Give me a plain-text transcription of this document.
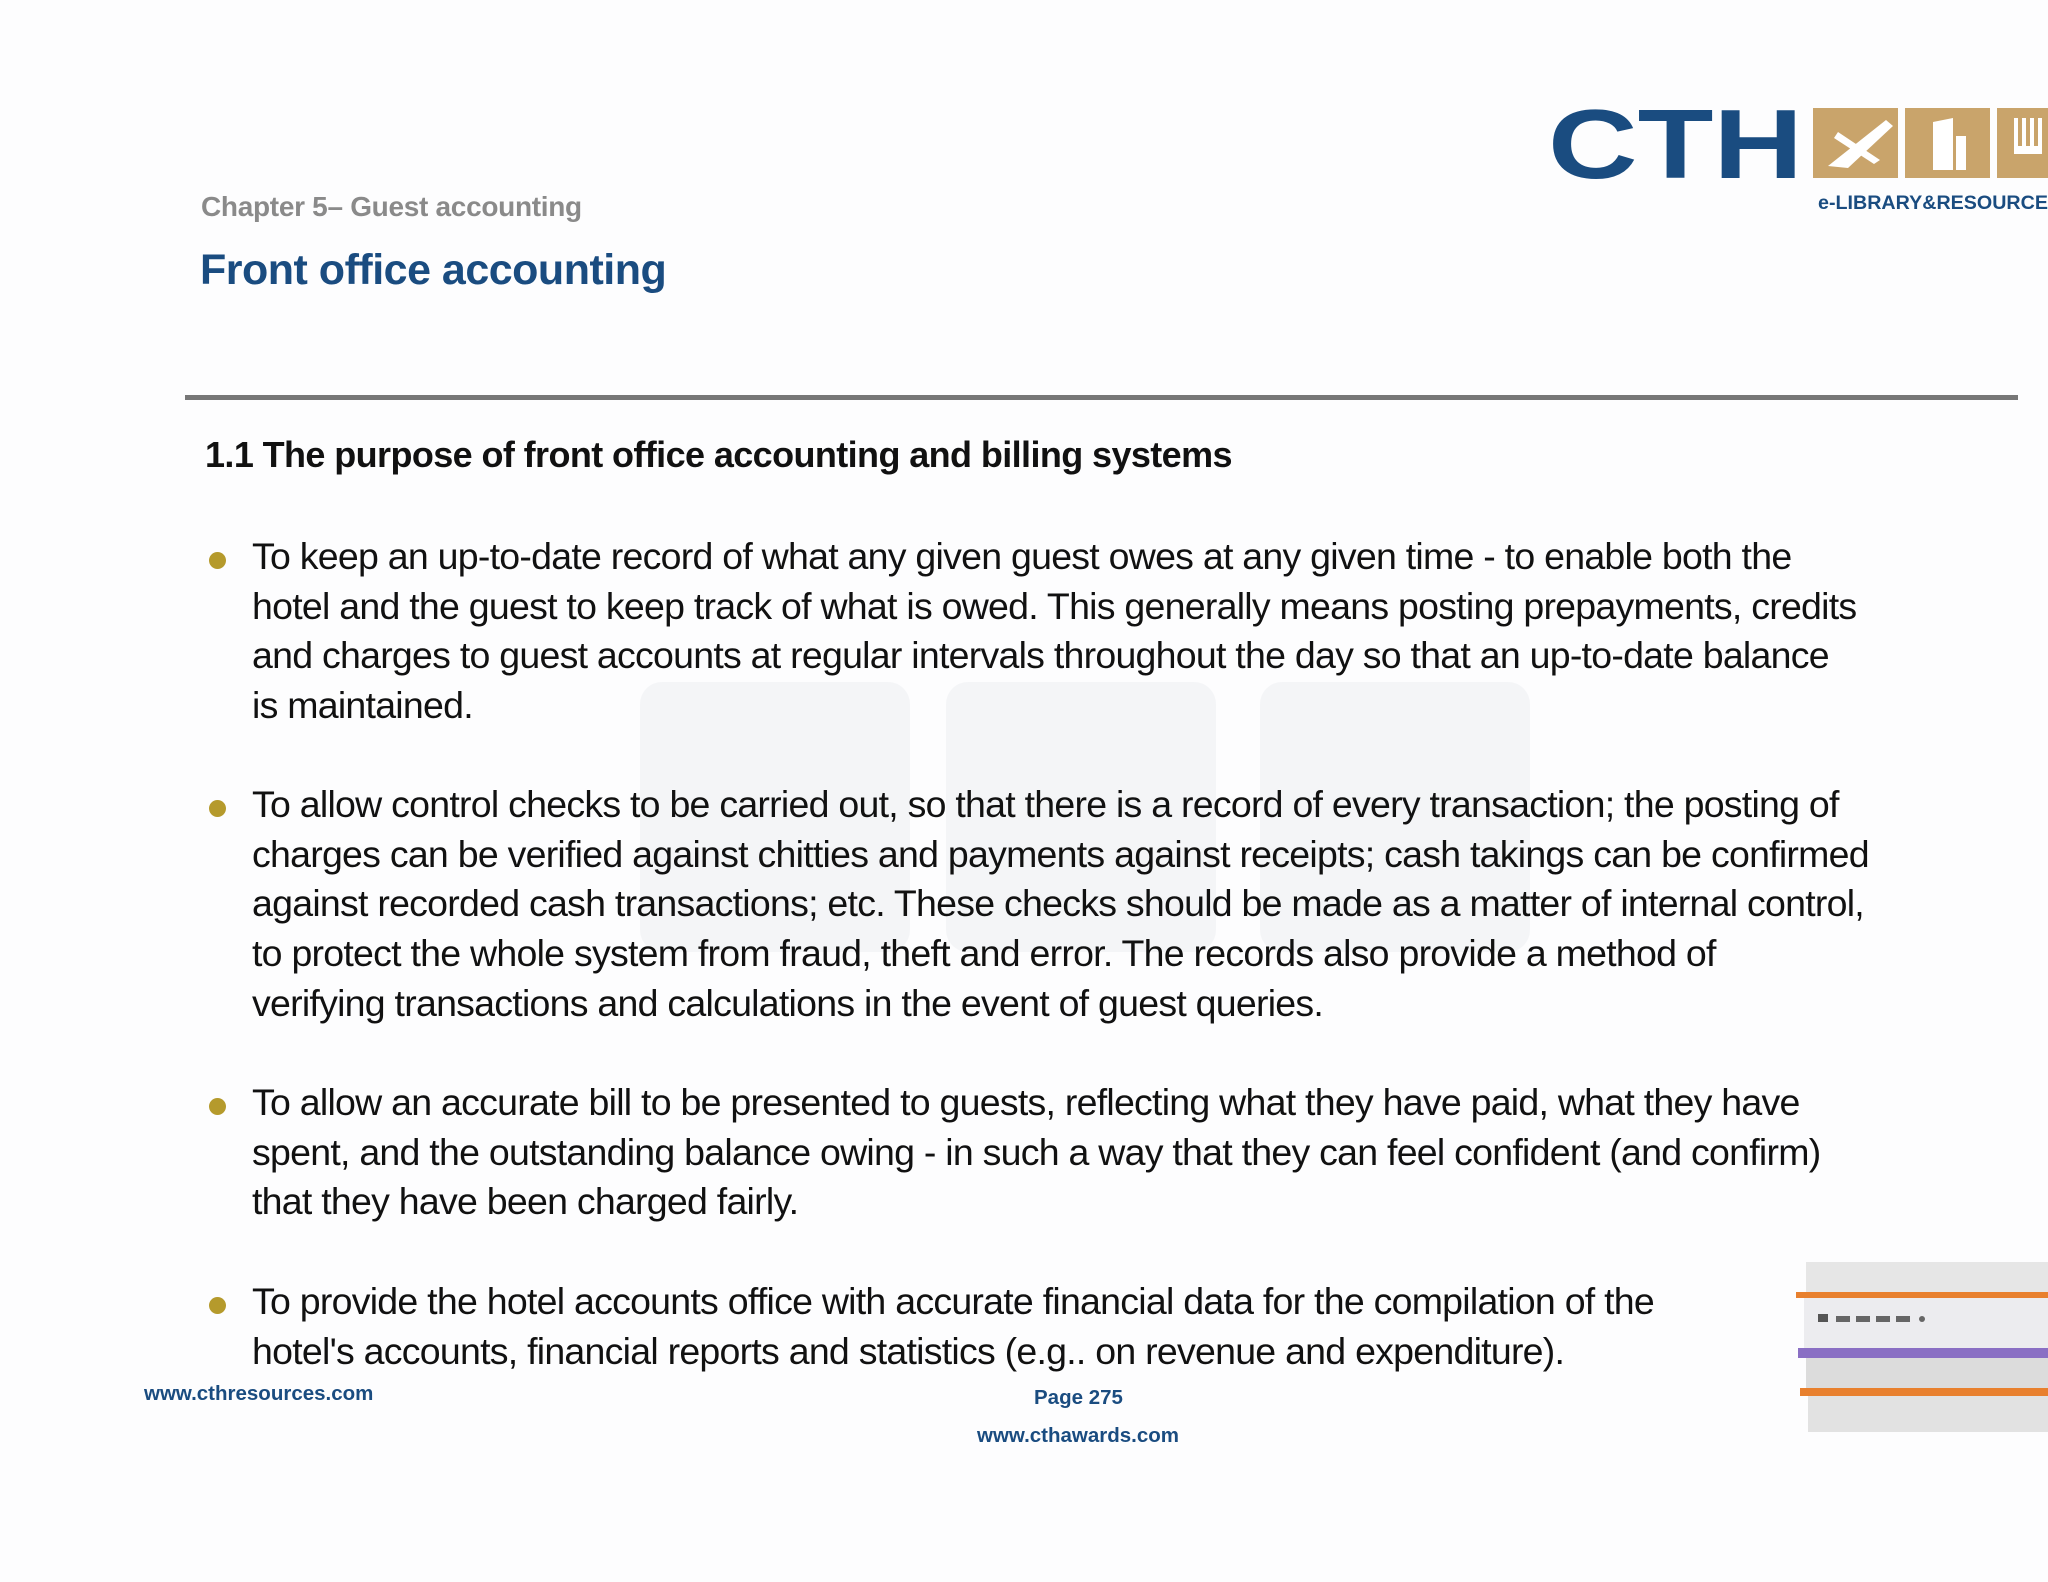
CTH
e-LIBRARY&RESOURCE
Chapter 5– Guest accounting
Front office accounting
1.1 The purpose of front office accounting and billing systems
To keep an up-to-date record of what any given guest owes at any given time - to enable both the
hotel and the guest to keep track of what is owed. This generally means posting prepayments, credits
and charges to guest accounts at regular intervals throughout the day so that an up-to-date balance
is maintained.
To allow control checks to be carried out, so that there is a record of every transaction; the posting of
charges can be verified against chitties and payments against receipts; cash takings can be confirmed
against recorded cash transactions; etc. These checks should be made as a matter of internal control,
to protect the whole system from fraud, theft and error. The records also provide a method of
verifying transactions and calculations in the event of guest queries.
To allow an accurate bill to be presented to guests, reflecting what they have paid, what they have
spent, and the outstanding balance owing - in such a way that they can feel confident (and confirm)
that they have been charged fairly.
To provide the hotel accounts office with accurate financial data for the compilation of the
hotel's accounts, financial reports and statistics (e.g.. on revenue and expenditure).
www.cthresources.com	Page 275
www.cthawards.com
